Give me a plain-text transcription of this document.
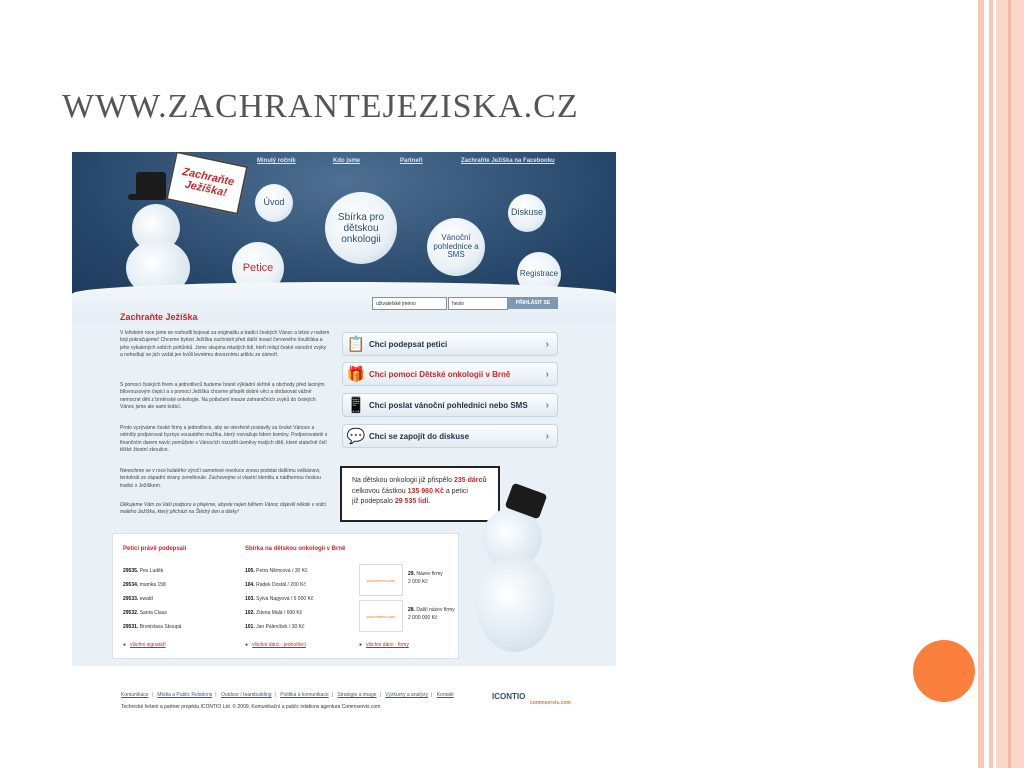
WWW.ZACHRANTEJEZISKA.CZ
Minulý ročník	Kdo jsme	Partneři	Zachraňte Ježíška na Facebooku
Zachraňte Ježíška!
Úvod
Sbírka pro dětskou onkologii
Diskuse
Vánoční pohlednice a SMS
Petice	Registrace
uživatelské jméno	heslo	PŘIHLÁSIT SE
Zachraňte Ježíška
V loňském roce jsme se rozhodli bojovat za originalitu a tradici českých Vánoc a letos v našem boji pokračujeme! Chceme bytost Ježíška zachránit před další invazí červeného šoušťáka a jeho vykulených sobích pohůnků. Jsme skupina mladých lidí, kteří milují české vánoční zvyky a nehodlají se jich vzdát jen kvůli levnému dovoznímu artiklu ze zámoří.
S pomocí českých firem a jednotlivců budeme bránit výkladní skříně a obchody před laciným bílovousovým čepicí a s pomocí Ježíška chceme přispět dobré věci a obdarovat vážně nemocné děti z brněnské onkologie. Na potlačení invaze zahraničních zvyků do českých Vánoc jsme ale sami krátcí.
Proto vyzýváme české firmy a jednotlivce, aby se otevřeně postavily za české Vánoce a odmítly podporovat byznys vousatého mužíka, který rozvažuje lidem komíny. Podporovatelé s finančním darem navíc pomůžete s Vánocích rozzářit úsměvy malých dětí, které statečně čelí těžké životní zkoušce.
Nenechme se v roce kulatého výročí sametové revoluce znovu podstat dalšímu velikánovi, tentokrát ze západní strany zeměkoule. Zachovejme si vlastní identitu a nádhernou českou tradici s Ježíškem.
Děkujeme Vám za Vaši podporu a přejeme, abyste nejen během Vánoc objevili někde v srdci malého Ježíška, který přichází na Štědrý den a dárky!
📋 Chci podepsat petici	›
🎁 Chci pomoci Dětské onkologii v Brně	›
📱 Chci poslat vánoční pohlednici nebo SMS ›
💬 Chci se zapojit do diskuse	›
Na dětskou onkologii již přispělo 235 dárců
celkovou částkou 135 960 Kč a petici
již podepsalo 29 535 lidí.
Petici právě podepsali
29535. Pes Luděk
29534. mamka 158
29533. ewald
29532. Santa Claus
29531. Bronislava Skoupá
● všichni signatáři
Sbírka na dětskou onkologii v Brně
105. Petra Němcová / 30 Kč
104. Radek Dostál / 200 Kč
103. Sylva Nagyová / 5 000 Kč
102. Zdena Malá / 600 Kč
101. Jan Páleníček / 30 Kč
● všichni dárci - jednotlivci
pomohemo.com
29. Název firmy
2 000 Kč
pomohemo.com
28. Další název firmy
2 000 000 Kč
● všichni dárci - firmy
Komunikace | Média a Public Relations | Outdoor / teambuilding | Politika a komunikace | Strategie a image | Výzkumy a analýzy | Kontakt
Technické řešení a partner projektu ICONTIO Ltd. © 2009, Komunikační a public relations agentura Commservis.com
ICONTIO
commservis.com
